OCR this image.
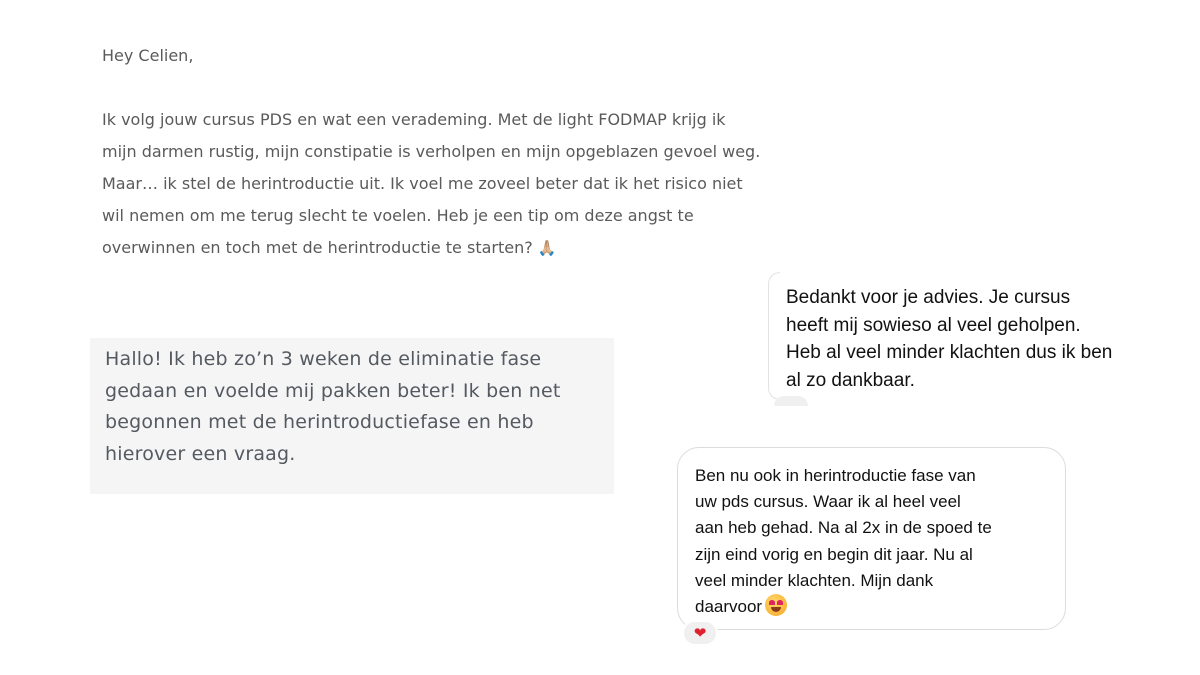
Hey Celien,

Ik volg jouw cursus PDS en wat een verademing. Met de light FODMAP krijg ik
mijn darmen rustig, mijn constipatie is verholpen en mijn opgeblazen gevoel weg.
Maar… ik stel de herintroductie uit. Ik voel me zoveel beter dat ik het risico niet
wil nemen om me terug slecht te voelen. Heb je een tip om deze angst te
overwinnen en toch met de herintroductie te starten? 🙏🏼
Hallo! Ik heb zo’n 3 weken de eliminatie fase
gedaan en voelde mij pakken beter! Ik ben net
begonnen met de herintroductiefase en heb
hierover een vraag.
Bedankt voor je advies. Je cursus
heeft mij sowieso al veel geholpen.
Heb al veel minder klachten dus ik ben
al zo dankbaar.
Ben nu ook in herintroductie fase van
uw pds cursus. Waar ik al heel veel
aan heb gehad. Na al 2x in de spoed te
zijn eind vorig en begin dit jaar. Nu al
veel minder klachten. Mijn dank
daarvoor
❤
